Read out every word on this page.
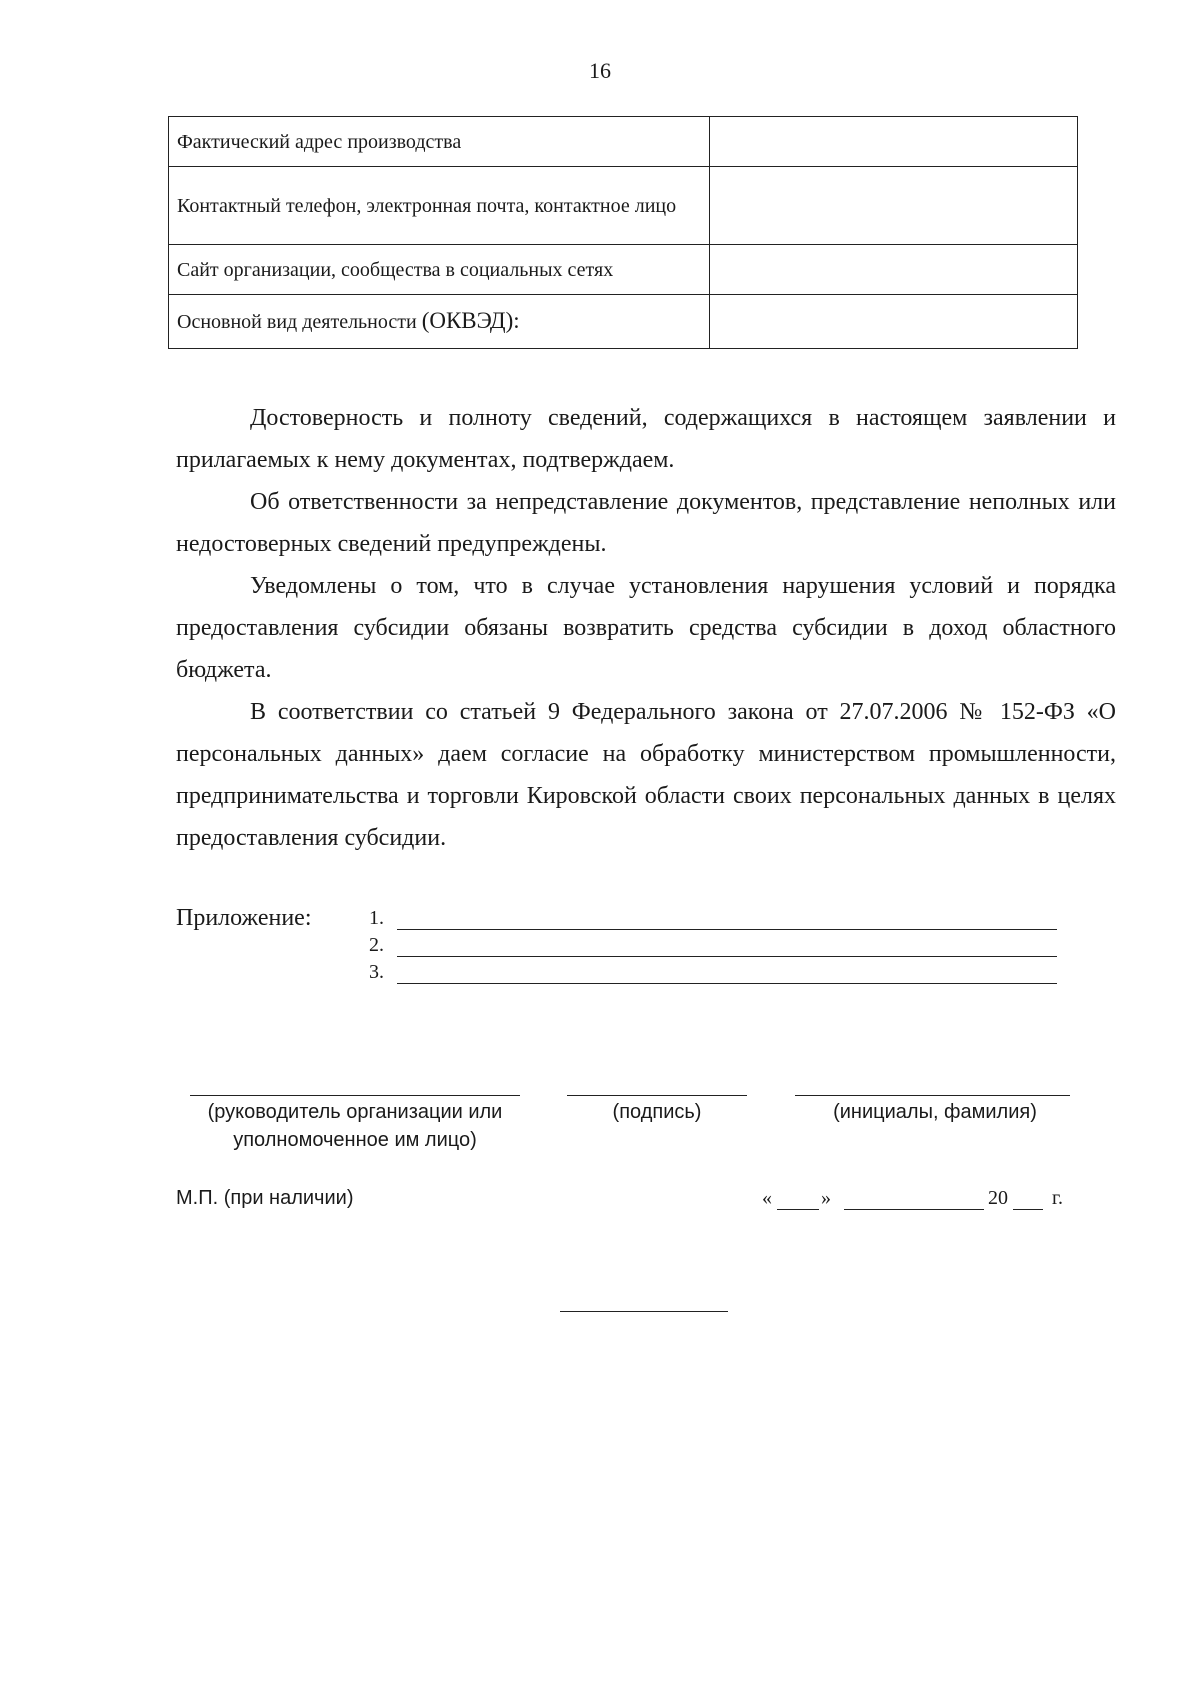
16
Фактический адрес производства	
Контактный телефон, электронная почта, контактное лицо	
Сайт организации, сообщества в социальных сетях	
Основной вид деятельности (ОКВЭД):	
Достоверность и полноту сведений, содержащихся в настоящем заявлении и прилагаемых к нему документах, подтверждаем.
Об ответственности за непредставление документов, представление неполных или недостоверных сведений предупреждены.
Уведомлены о том, что в случае установления нарушения условий и порядка предоставления субсидии обязаны возвратить средства субсидии в доход областного бюджета.
В соответствии со статьей 9 Федерального закона от 27.07.2006 № 152-ФЗ «О персональных данных» даем согласие на обработку министерством промышленности, предпринимательства и торговли Кировской области своих персональных данных в целях предоставления субсидии.
Приложение:	1.
2.
3.
(руководитель организации или уполномоченное им лицо)
(подпись)	(инициалы, фамилия)
М.П. (при наличии)	« »	20 г.
